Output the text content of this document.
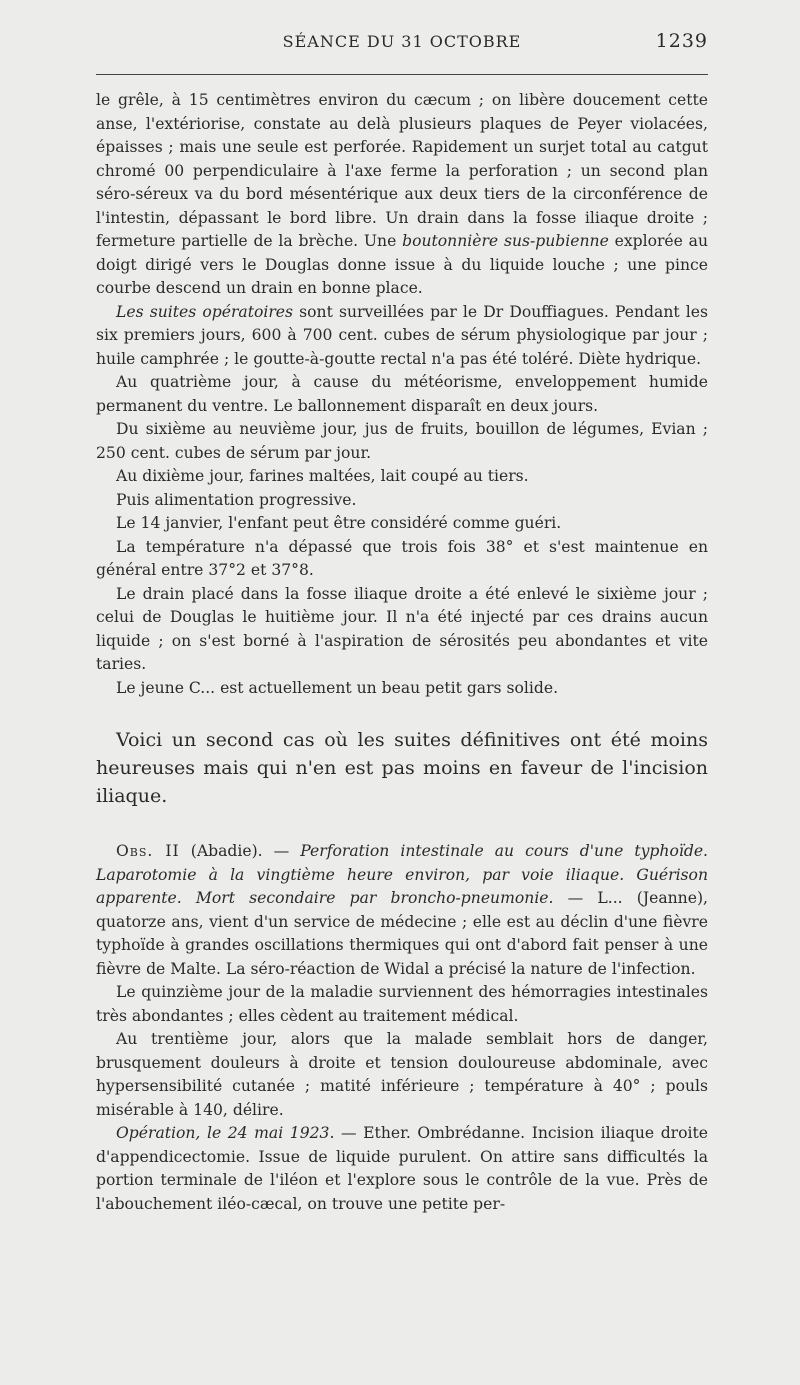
SÉANCE DU 31 OCTOBRE	1239

le grêle, à 15 centimètres environ du cæcum ; on libère doucement cette anse, l'extériorise, constate au delà plusieurs plaques de Peyer violacées, épaisses ; mais une seule est perforée. Rapidement un surjet total au catgut chromé 00 perpendiculaire à l'axe ferme la perforation ; un second plan séro-séreux va du bord mésentérique aux deux tiers de la circonférence de l'intestin, dépassant le bord libre. Un drain dans la fosse iliaque droite ; fermeture partielle de la brèche. Une boutonnière sus-pubienne explorée au doigt dirigé vers le Douglas donne issue à du liquide louche ; une pince courbe descend un drain en bonne place.

Les suites opératoires sont surveillées par le Dr Douffiagues. Pendant les six premiers jours, 600 à 700 cent. cubes de sérum physiologique par jour ; huile camphrée ; le goutte-à-goutte rectal n'a pas été toléré. Diète hydrique.

Au quatrième jour, à cause du météorisme, enveloppement humide permanent du ventre. Le ballonnement disparaît en deux jours.

Du sixième au neuvième jour, jus de fruits, bouillon de légumes, Evian ; 250 cent. cubes de sérum par jour.

Au dixième jour, farines maltées, lait coupé au tiers.

Puis alimentation progressive.

Le 14 janvier, l'enfant peut être considéré comme guéri.

La température n'a dépassé que trois fois 38° et s'est maintenue en général entre 37°2 et 37°8.

Le drain placé dans la fosse iliaque droite a été enlevé le sixième jour ; celui de Douglas le huitième jour. Il n'a été injecté par ces drains aucun liquide ; on s'est borné à l'aspiration de sérosités peu abondantes et vite taries.

Le jeune C... est actuellement un beau petit gars solide.

Voici un second cas où les suites définitives ont été moins heureuses mais qui n'en est pas moins en faveur de l'incision iliaque.

Obs. II (Abadie). — Perforation intestinale au cours d'une typhoïde. Laparotomie à la vingtième heure environ, par voie iliaque. Guérison apparente. Mort secondaire par broncho-pneumonie. — L... (Jeanne), quatorze ans, vient d'un service de médecine ; elle est au déclin d'une fièvre typhoïde à grandes oscillations thermiques qui ont d'abord fait penser à une fièvre de Malte. La séro-réaction de Widal a précisé la nature de l'infection.

Le quinzième jour de la maladie surviennent des hémorragies intestinales très abondantes ; elles cèdent au traitement médical.

Au trentième jour, alors que la malade semblait hors de danger, brusquement douleurs à droite et tension douloureuse abdominale, avec hypersensibilité cutanée ; matité inférieure ; température à 40° ; pouls misérable à 140, délire.

Opération, le 24 mai 1923. — Ether. Ombrédanne. Incision iliaque droite d'appendicectomie. Issue de liquide purulent. On attire sans difficultés la portion terminale de l'iléon et l'explore sous le contrôle de la vue. Près de l'abouchement iléo-cæcal, on trouve une petite per-
